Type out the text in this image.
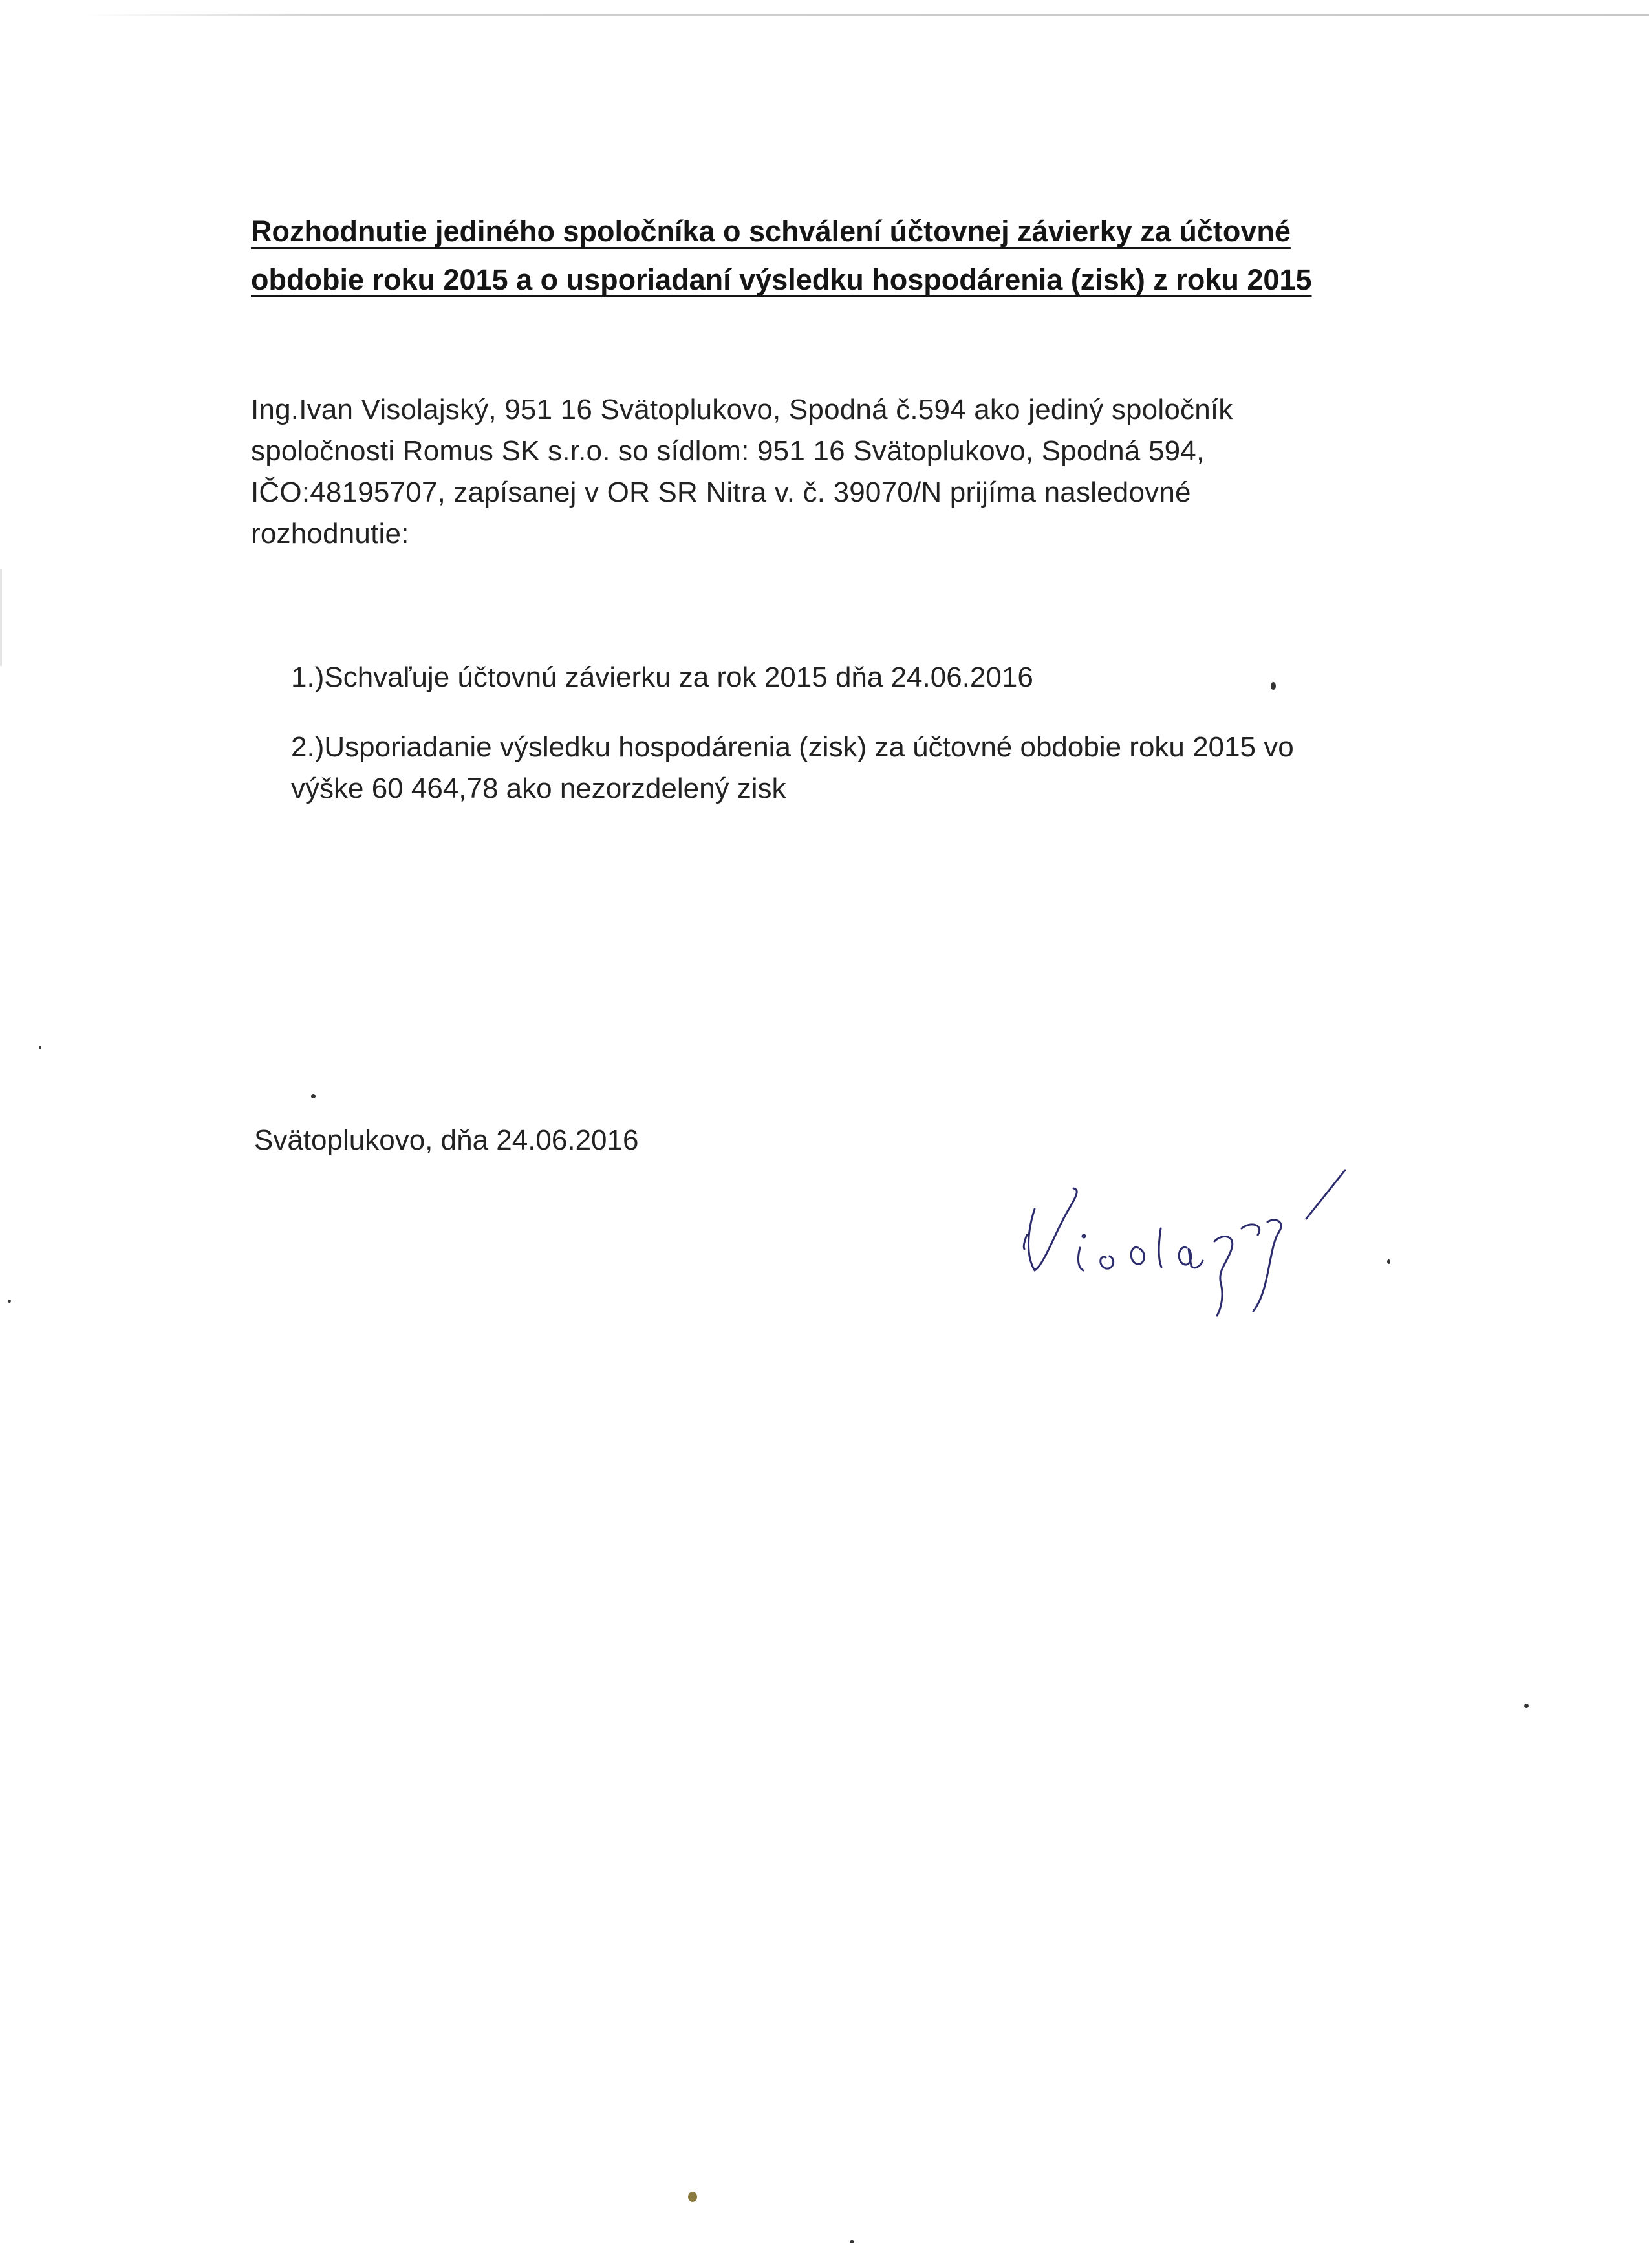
Rozhodnutie jediného spoločníka o schválení účtovnej závierky za účtovné
obdobie roku 2015 a o usporiadaní výsledku hospodárenia (zisk) z roku 2015

Ing.Ivan Visolajský, 951 16 Svätoplukovo, Spodná č.594 ako jediný spoločník
spoločnosti Romus SK s.r.o. so sídlom: 951 16 Svätoplukovo, Spodná 594,
IČO:48195707, zapísanej v OR SR Nitra v. č. 39070/N prijíma nasledovné
rozhodnutie:

1.)Schvaľuje účtovnú závierku za rok 2015 dňa 24.06.2016

2.)Usporiadanie výsledku hospodárenia (zisk) za účtovné obdobie roku 2015 vo
výške 60 464,78 ako nezorzdelený zisk

Svätoplukovo, dňa 24.06.2016
